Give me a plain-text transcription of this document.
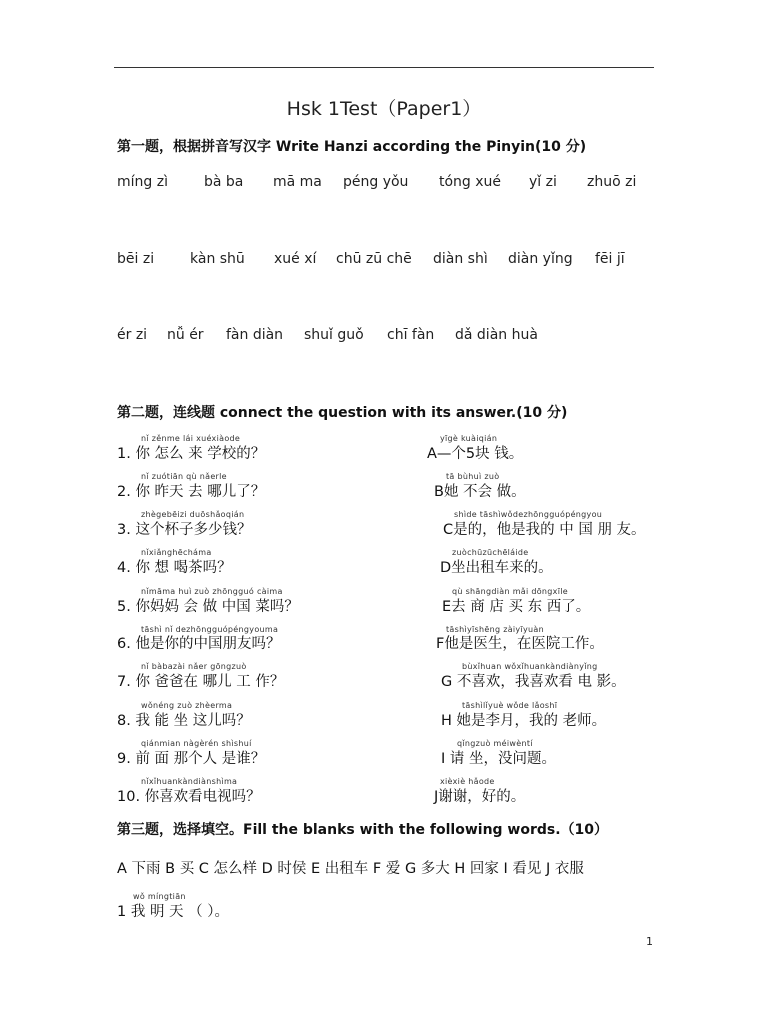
Hsk 1Test（Paper1）
第一题，根据拼音写汉字 Write Hanzi according the Pinyin(10 分)
míng zì	bà ba mā ma péng yǒu tóng xué yǐ zi zhuō zi
bēi zi	kàn shū xué xí chū zū chē diàn shì diàn yǐng fēi jī
ér zi nǚ ér fàn diàn shuǐ guǒ chī fàn dǎ diàn huà
第二题，连线题 connect the question with its answer.(10 分)
nǐ zěnme lái xuéxiàode
1. 你 怎么 来 学校的？
nǐ zuótiān qù nǎerle
2. 你 昨天 去 哪儿了？
zhègebēizi duōshǎoqián
3. 这个杯子多少钱？
nǐxiǎnghēcháma
4. 你 想 喝茶吗？
nǐmāma huì zuò zhōngguó càima
5. 你妈妈 会 做 中国 菜吗？
tāshì nǐ dezhōngguópéngyouma
6. 他是你的中国朋友吗？
nǐ bàbazài nǎer gōngzuò
7. 你 爸爸在 哪儿 工 作？
wǒnéng zuò zhèerma
8. 我 能 坐 这儿吗？
qiánmian nàgèrén shìshuí
9. 前 面 那个人 是谁？
nǐxǐhuankàndiànshìma
10. 你喜欢看电视吗？
yīgè kuàiqián
A—个5块 钱。
tā bùhuì zuò
B她 不会 做。
shìde tāshìwǒdezhōngguópéngyou
C是的，他是我的 中 国 朋 友。
zuòchūzūchēláide
D坐出租车来的。
qù shāngdiàn mǎi dōngxīle
E去 商 店 买 东 西了。
tāshìyīshēng zàiyīyuàn
F他是医生，在医院工作。
bùxǐhuan wǒxǐhuankàndiànyǐng
G 不喜欢，我喜欢看 电 影。
tāshìlǐyuè wǒde lǎoshī
H 她是李月，我的 老师。
qǐngzuò méiwèntí
I 请 坐，没问题。
xièxiè hǎode
J谢谢，好的。
第三题，选择填空。Fill the blanks with the following words.（10）
A 下雨 B 买 C 怎么样 D 时侯 E 出租车 F 爱 G 多大 H 回家 I 看见 J 衣服
wǒ míngtiān
1 我 明 天 （ ）。
1
